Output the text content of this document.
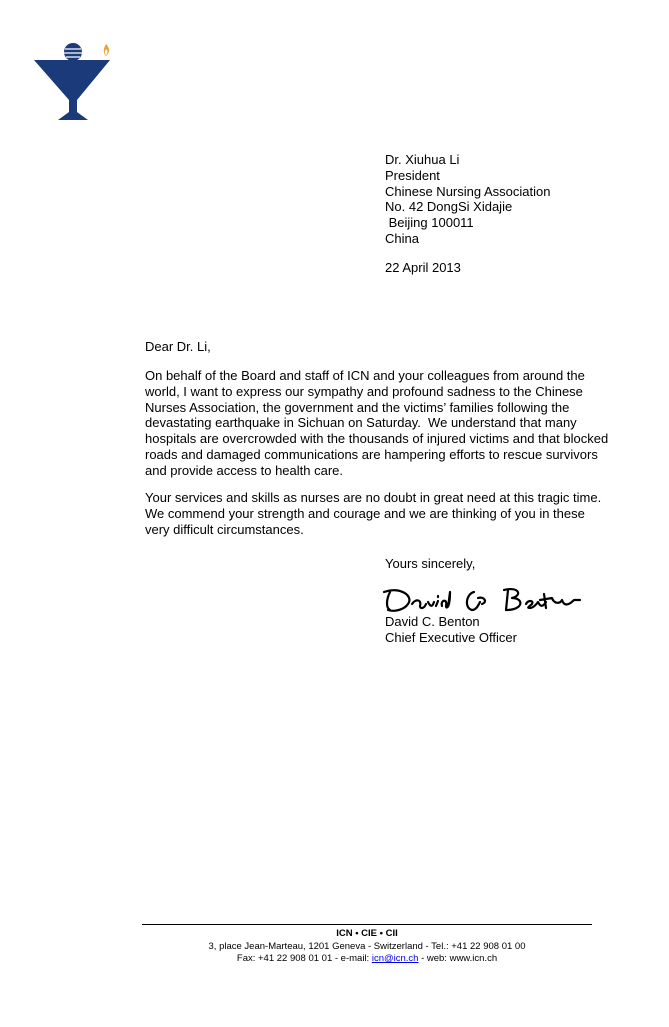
Dr. Xiuhua Li
President
Chinese Nursing Association
No. 42 DongSi Xidajie
Beijing 100011
China
22 April 2013
Dear Dr. Li,
On behalf of the Board and staff of ICN and your colleagues from around the
world, I want to express our sympathy and profound sadness to the Chinese
Nurses Association, the government and the victims’ families following the
devastating earthquake in Sichuan on Saturday.  We understand that many
hospitals are overcrowded with the thousands of injured victims and that blocked
roads and damaged communications are hampering efforts to rescue survivors
and provide access to health care.
Your services and skills as nurses are no doubt in great need at this tragic time.
We commend your strength and courage and we are thinking of you in these
very difficult circumstances.
Yours sincerely,
David C. Benton
Chief Executive Officer
ICN • CIE • CII
3, place Jean-Marteau, 1201 Geneva - Switzerland - Tel.: +41 22 908 01 00
Fax: +41 22 908 01 01 - e-mail: icn@icn.ch - web: www.icn.ch
